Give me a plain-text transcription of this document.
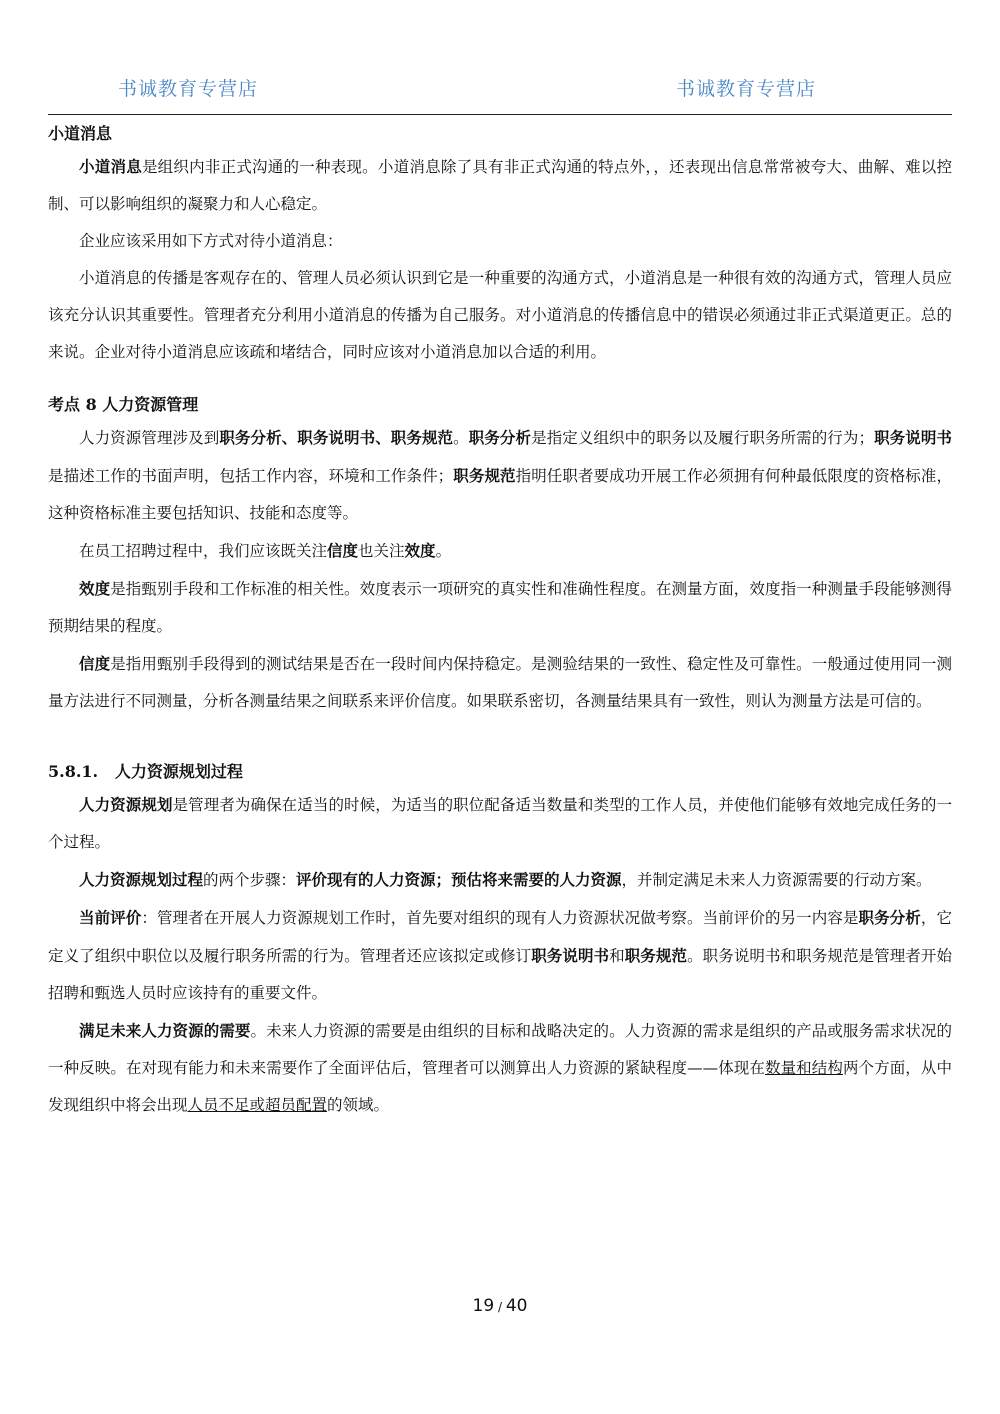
书诚教育专营店	书诚教育专营店

小道消息

小道消息是组织内非正式沟通的一种表现。小道消息除了具有非正式沟通的特点外，，还表现出信息常常被夸大、曲解、难以控制、可以影响组织的凝聚力和人心稳定。

企业应该采用如下方式对待小道消息：

小道消息的传播是客观存在的、管理人员必须认识到它是一种重要的沟通方式，小道消息是一种很有效的沟通方式，管理人员应该充分认识其重要性。管理者充分利用小道消息的传播为自己服务。对小道消息的传播信息中的错误必须通过非正式渠道更正。总的来说。企业对待小道消息应该疏和堵结合，同时应该对小道消息加以合适的利用。

考点 8 人力资源管理

人力资源管理涉及到职务分析、职务说明书、职务规范。职务分析是指定义组织中的职务以及履行职务所需的行为；职务说明书是描述工作的书面声明，包括工作内容，环境和工作条件；职务规范指明任职者要成功开展工作必须拥有何种最低限度的资格标准，这种资格标准主要包括知识、技能和态度等。

在员工招聘过程中，我们应该既关注信度也关注效度。

效度是指甄别手段和工作标准的相关性。效度表示一项研究的真实性和准确性程度。在测量方面，效度指一种测量手段能够测得预期结果的程度。

信度是指用甄别手段得到的测试结果是否在一段时间内保持稳定。是测验结果的一致性、稳定性及可靠性。一般通过使用同一测量方法进行不同测量，分析各测量结果之间联系来评价信度。如果联系密切，各测量结果具有一致性，则认为测量方法是可信的。

5.8.1. 人力资源规划过程

人力资源规划是管理者为确保在适当的时候，为适当的职位配备适当数量和类型的工作人员，并使他们能够有效地完成任务的一个过程。

人力资源规划过程的两个步骤：评价现有的人力资源；预估将来需要的人力资源，并制定满足未来人力资源需要的行动方案。

当前评价：管理者在开展人力资源规划工作时，首先要对组织的现有人力资源状况做考察。当前评价的另一内容是职务分析，它定义了组织中职位以及履行职务所需的行为。管理者还应该拟定或修订职务说明书和职务规范。职务说明书和职务规范是管理者开始招聘和甄选人员时应该持有的重要文件。

满足未来人力资源的需要。未来人力资源的需要是由组织的目标和战略决定的。人力资源的需求是组织的产品或服务需求状况的一种反映。在对现有能力和未来需要作了全面评估后，管理者可以测算出人力资源的紧缺程度——体现在数量和结构两个方面，从中发现组织中将会出现人员不足或超员配置的领域。

19 / 40
